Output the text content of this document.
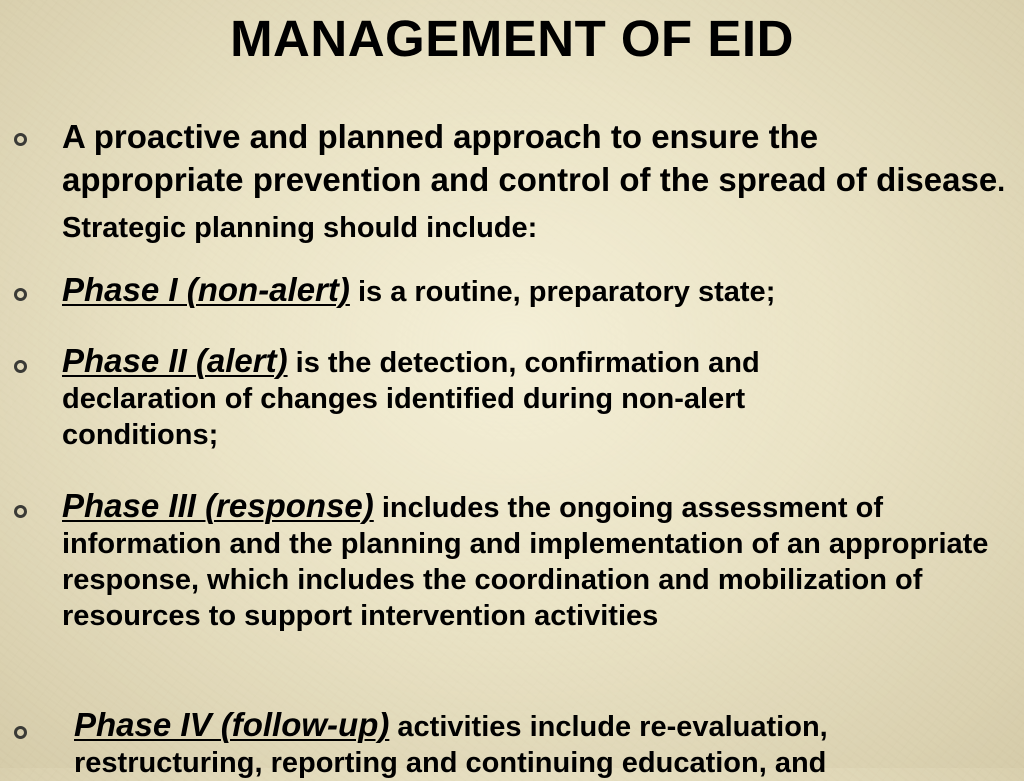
MANAGEMENT OF EID
A proactive and planned approach to ensure the appropriate prevention and control of the spread of disease. Strategic planning should include:
Phase I (non-alert) is a routine, preparatory state;
Phase II (alert) is the detection, confirmation and declaration of changes identified during non-alert conditions;
Phase III (response) includes the ongoing assessment of information and the planning and implementation of an appropriate response, which includes the coordination and mobilization of resources to support intervention activities
Phase IV (follow-up) activities include re-evaluation, restructuring, reporting and continuing education, and
